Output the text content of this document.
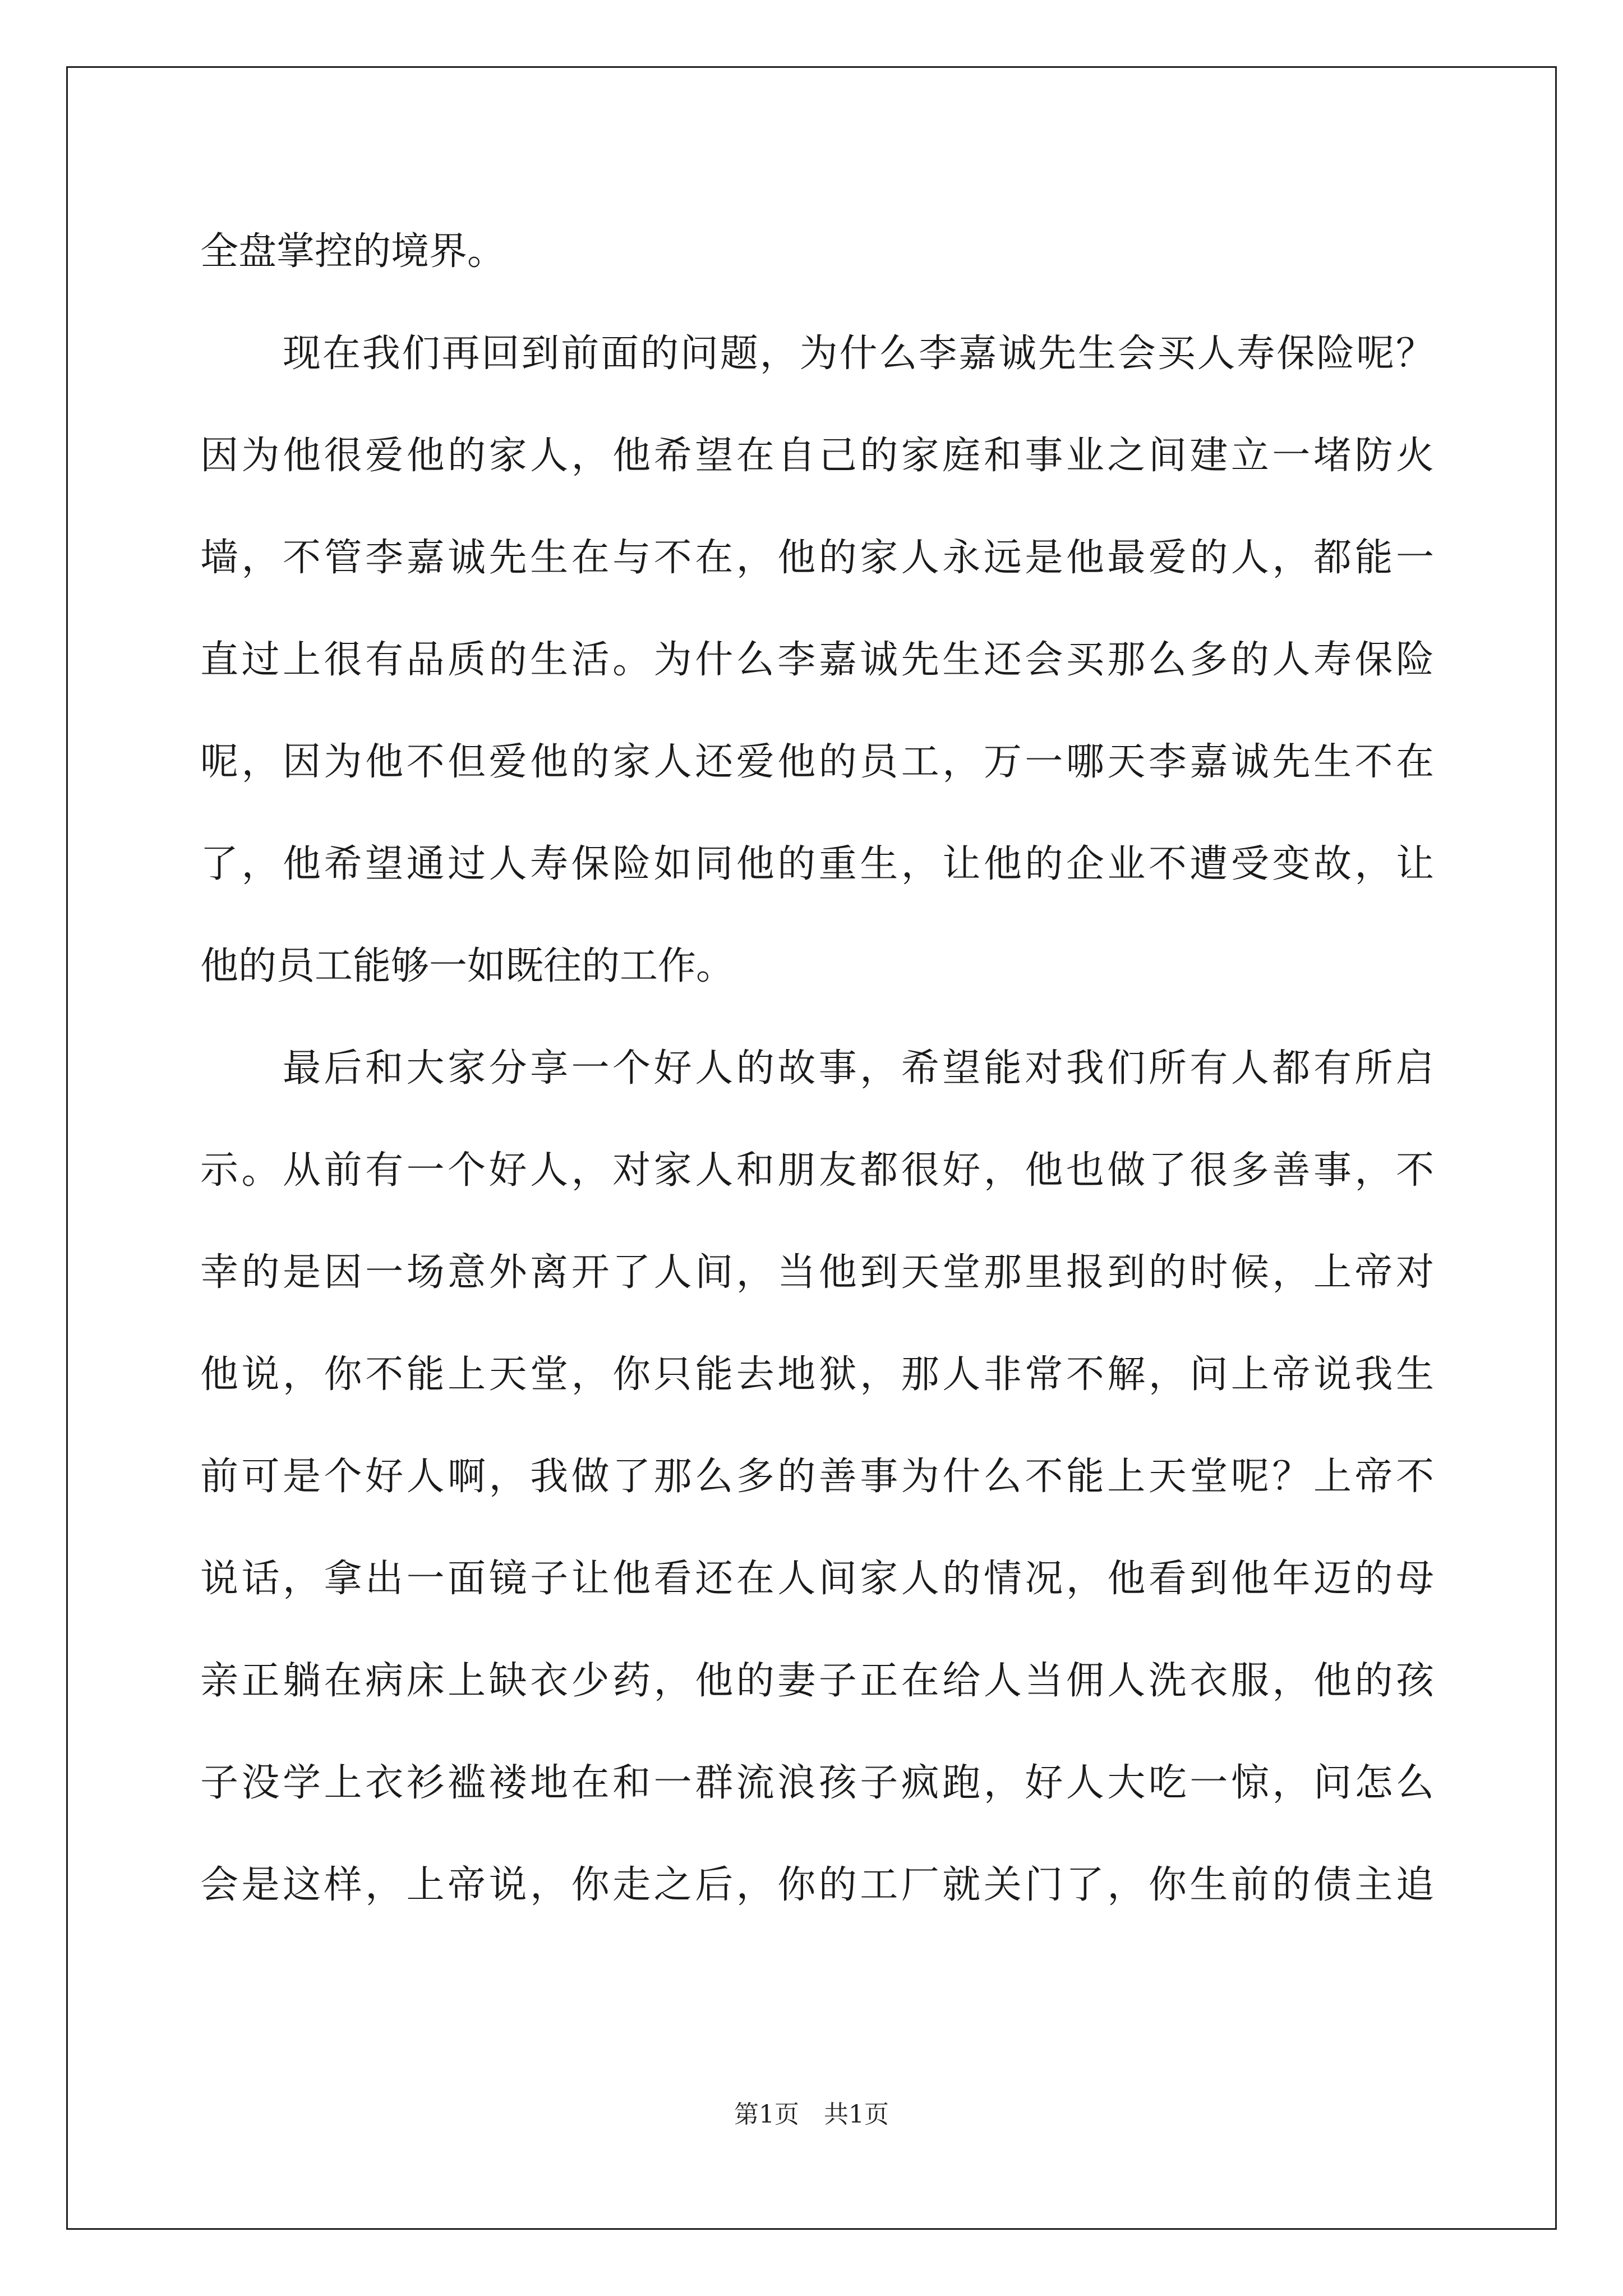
全盘掌控的境界。
现在我们再回到前面的问题，为什么李嘉诚先生会买人寿保险呢？
因为他很爱他的家人，他希望在自己的家庭和事业之间建立一堵防火
墙，不管李嘉诚先生在与不在，他的家人永远是他最爱的人，都能一
直过上很有品质的生活。为什么李嘉诚先生还会买那么多的人寿保险
呢，因为他不但爱他的家人还爱他的员工，万一哪天李嘉诚先生不在
了，他希望通过人寿保险如同他的重生，让他的企业不遭受变故，让
他的员工能够一如既往的工作。
最后和大家分享一个好人的故事，希望能对我们所有人都有所启
示。从前有一个好人，对家人和朋友都很好，他也做了很多善事，不
幸的是因一场意外离开了人间，当他到天堂那里报到的时候，上帝对
他说，你不能上天堂，你只能去地狱，那人非常不解，问上帝说我生
前可是个好人啊，我做了那么多的善事为什么不能上天堂呢？上帝不
说话，拿出一面镜子让他看还在人间家人的情况，他看到他年迈的母
亲正躺在病床上缺衣少药，他的妻子正在给人当佣人洗衣服，他的孩
子没学上衣衫褴褛地在和一群流浪孩子疯跑，好人大吃一惊，问怎么
会是这样，上帝说，你走之后，你的工厂就关门了，你生前的债主追
第1页　共1页
